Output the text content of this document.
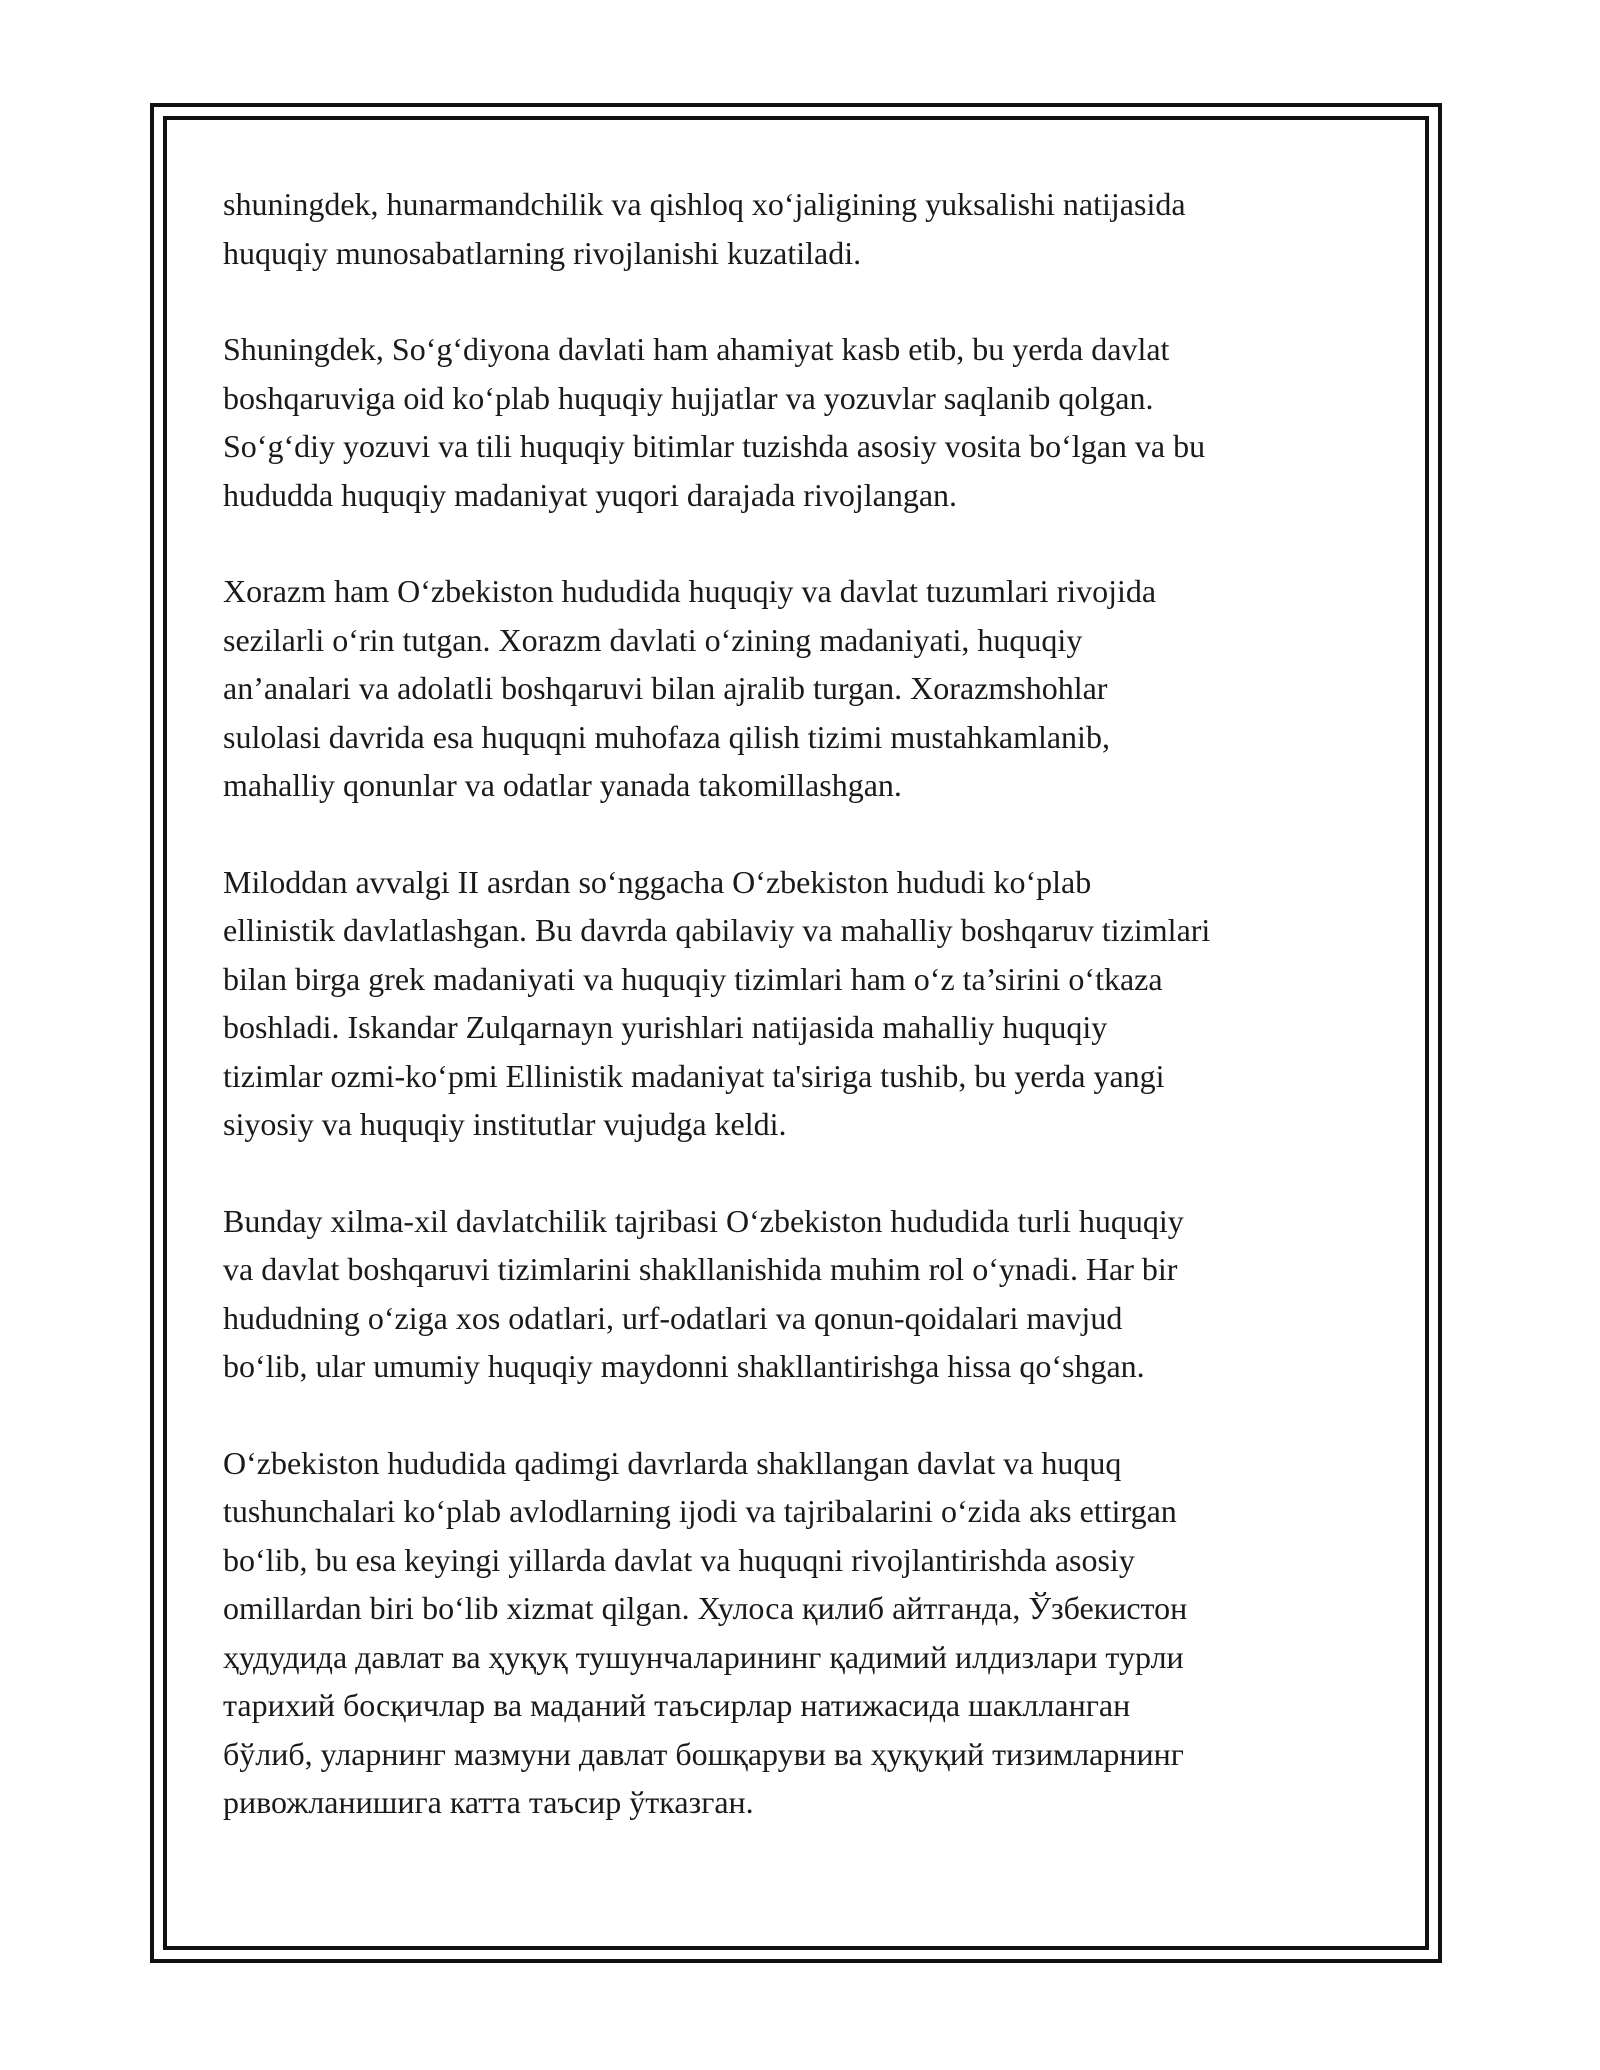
shuningdek, hunarmandchilik va qishloq xo‘jaligining yuksalishi natijasida
huquqiy munosabatlarning rivojlanishi kuzatiladi.

Shuningdek, So‘g‘diyona davlati ham ahamiyat kasb etib, bu yerda davlat
boshqaruviga oid ko‘plab huquqiy hujjatlar va yozuvlar saqlanib qolgan.
So‘g‘diy yozuvi va tili huquqiy bitimlar tuzishda asosiy vosita bo‘lgan va bu
hududda huquqiy madaniyat yuqori darajada rivojlangan.

Xorazm ham O‘zbekiston hududida huquqiy va davlat tuzumlari rivojida
sezilarli o‘rin tutgan. Xorazm davlati o‘zining madaniyati, huquqiy
an’analari va adolatli boshqaruvi bilan ajralib turgan. Xorazmshohlar
sulolasi davrida esa huquqni muhofaza qilish tizimi mustahkamlanib,
mahalliy qonunlar va odatlar yanada takomillashgan.

Miloddan avvalgi II asrdan so‘nggacha O‘zbekiston hududi ko‘plab
ellinistik davlatlashgan. Bu davrda qabilaviy va mahalliy boshqaruv tizimlari
bilan birga grek madaniyati va huquqiy tizimlari ham o‘z ta’sirini o‘tkaza
boshladi. Iskandar Zulqarnayn yurishlari natijasida mahalliy huquqiy
tizimlar ozmi-ko‘pmi Ellinistik madaniyat ta'siriga tushib, bu yerda yangi
siyosiy va huquqiy institutlar vujudga keldi.

Bunday xilma-xil davlatchilik tajribasi O‘zbekiston hududida turli huquqiy
va davlat boshqaruvi tizimlarini shakllanishida muhim rol o‘ynadi. Har bir
hududning o‘ziga xos odatlari, urf-odatlari va qonun-qoidalari mavjud
bo‘lib, ular umumiy huquqiy maydonni shakllantirishga hissa qo‘shgan.

O‘zbekiston hududida qadimgi davrlarda shakllangan davlat va huquq
tushunchalari ko‘plab avlodlarning ijodi va tajribalarini o‘zida aks ettirgan
bo‘lib, bu esa keyingi yillarda davlat va huquqni rivojlantirishda asosiy
omillardan biri bo‘lib xizmat qilgan. Хулоса қилиб айтганда, Ўзбекистон
ҳудудида давлат ва ҳуқуқ тушунчаларининг қадимий илдизлари турли
тарихий босқичлар ва маданий таъсирлар натижасида шаклланган
бўлиб, уларнинг мазмуни давлат бошқаруви ва ҳуқуқий тизимларнинг
ривожланишига катта таъсир ўтказган.
